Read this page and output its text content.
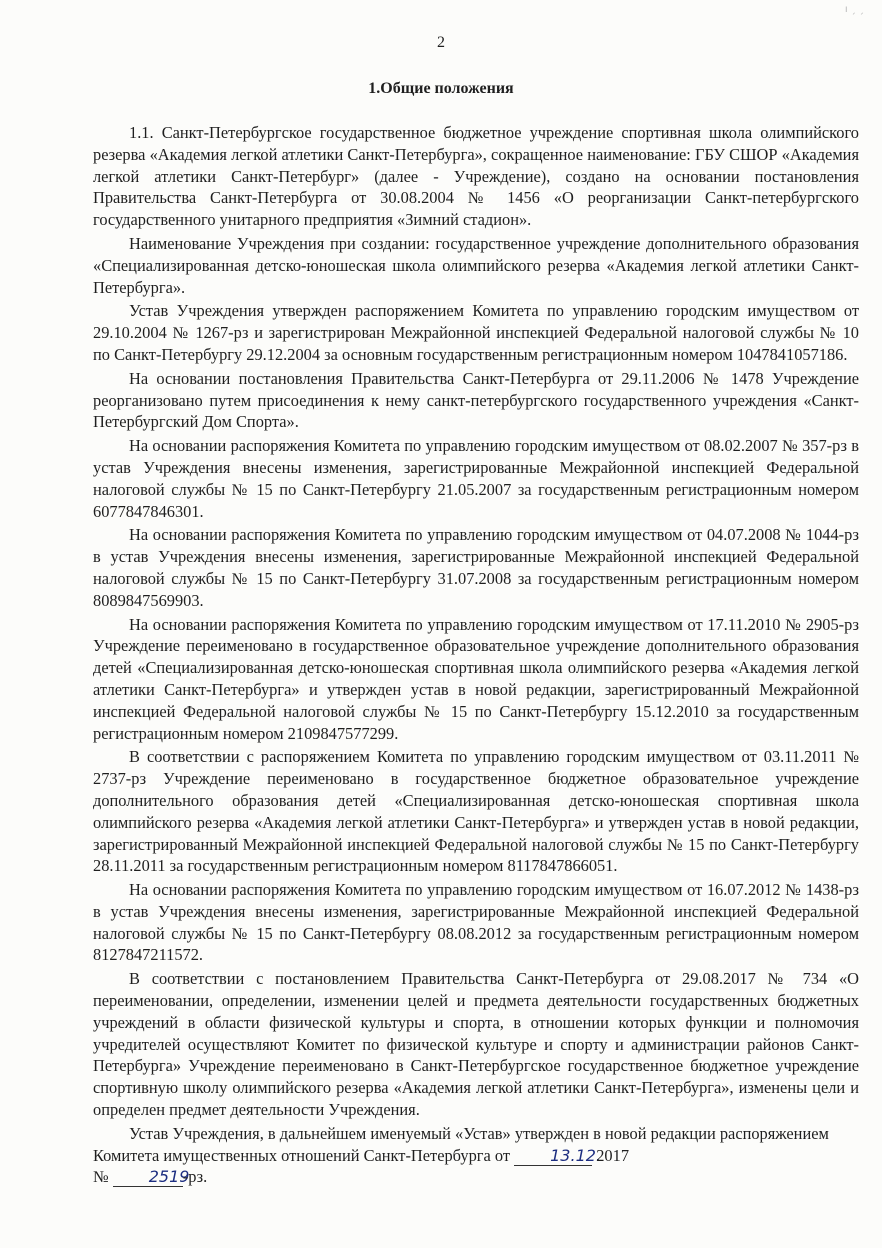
ı ˏ ˏ
2
1.Общие положения

1.1. Санкт-Петербургское государственное бюджетное учреждение спортивная школа олимпийского резерва «Академия легкой атлетики Санкт-Петербурга», сокращенное наименование: ГБУ СШОР «Академия легкой атлетики Санкт-Петербург» (далее - Учреждение), создано на основании постановления Правительства Санкт-Петербурга от 30.08.2004 № 1456 «О реорганизации Санкт-петербургского государственного унитарного предприятия «Зимний стадион».

Наименование Учреждения при создании: государственное учреждение дополнительного образования «Специализированная детско-юношеская школа олимпийского резерва «Академия легкой атлетики Санкт-Петербурга».

Устав Учреждения утвержден распоряжением Комитета по управлению городским имуществом от 29.10.2004 № 1267-рз и зарегистрирован Межрайонной инспекцией Федеральной налоговой службы № 10 по Санкт-Петербургу 29.12.2004 за основным государственным регистрационным номером 1047841057186.

На основании постановления Правительства Санкт-Петербурга от 29.11.2006 № 1478 Учреждение реорганизовано путем присоединения к нему санкт-петербургского государственного учреждения «Санкт-Петербургский Дом Спорта».

На основании распоряжения Комитета по управлению городским имуществом от 08.02.2007 № 357-рз в устав Учреждения внесены изменения, зарегистрированные Межрайонной инспекцией Федеральной налоговой службы № 15 по Санкт-Петербургу 21.05.2007 за государственным регистрационным номером 6077847846301.

На основании распоряжения Комитета по управлению городским имуществом от 04.07.2008 № 1044-рз в устав Учреждения внесены изменения, зарегистрированные Межрайонной инспекцией Федеральной налоговой службы № 15 по Санкт-Петербургу 31.07.2008 за государственным регистрационным номером 8089847569903.

На основании распоряжения Комитета по управлению городским имуществом от 17.11.2010 № 2905-рз Учреждение переименовано в государственное образовательное учреждение дополнительного образования детей «Специализированная детско-юношеская спортивная школа олимпийского резерва «Академия легкой атлетики Санкт-Петербурга» и утвержден устав в новой редакции, зарегистрированный Межрайонной инспекцией Федеральной налоговой службы № 15 по Санкт-Петербургу 15.12.2010 за государственным регистрационным номером 2109847577299.

В соответствии с распоряжением Комитета по управлению городским имуществом от 03.11.2011 № 2737-рз Учреждение переименовано в государственное бюджетное образовательное учреждение дополнительного образования детей «Специализированная детско-юношеская спортивная школа олимпийского резерва «Академия легкой атлетики Санкт-Петербурга» и утвержден устав в новой редакции, зарегистрированный Межрайонной инспекцией Федеральной налоговой службы № 15 по Санкт-Петербургу 28.11.2011 за государственным регистрационным номером 8117847866051.

На основании распоряжения Комитета по управлению городским имуществом от 16.07.2012 № 1438-рз в устав Учреждения внесены изменения, зарегистрированные Межрайонной инспекцией Федеральной налоговой службы № 15 по Санкт-Петербургу 08.08.2012 за государственным регистрационным номером 8127847211572.

В соответствии с постановлением Правительства Санкт-Петербурга от 29.08.2017 № 734 «О переименовании, определении, изменении целей и предмета деятельности государственных бюджетных учреждений в области физической культуры и спорта, в отношении которых функции и полномочия учредителей осуществляют Комитет по физической культуре и спорту и администрации районов Санкт-Петербурга» Учреждение переименовано в Санкт-Петербургское государственное бюджетное учреждение спортивную школу олимпийского резерва «Академия легкой атлетики Санкт-Петербурга», изменены цели и определен предмет деятельности Учреждения.

Устав Учреждения, в дальнейшем именуемый «Устав» утвержден в новой редакции распоряжением Комитета имущественных отношений Санкт-Петербурга от	13.12. 2017
№	2519-рз.
